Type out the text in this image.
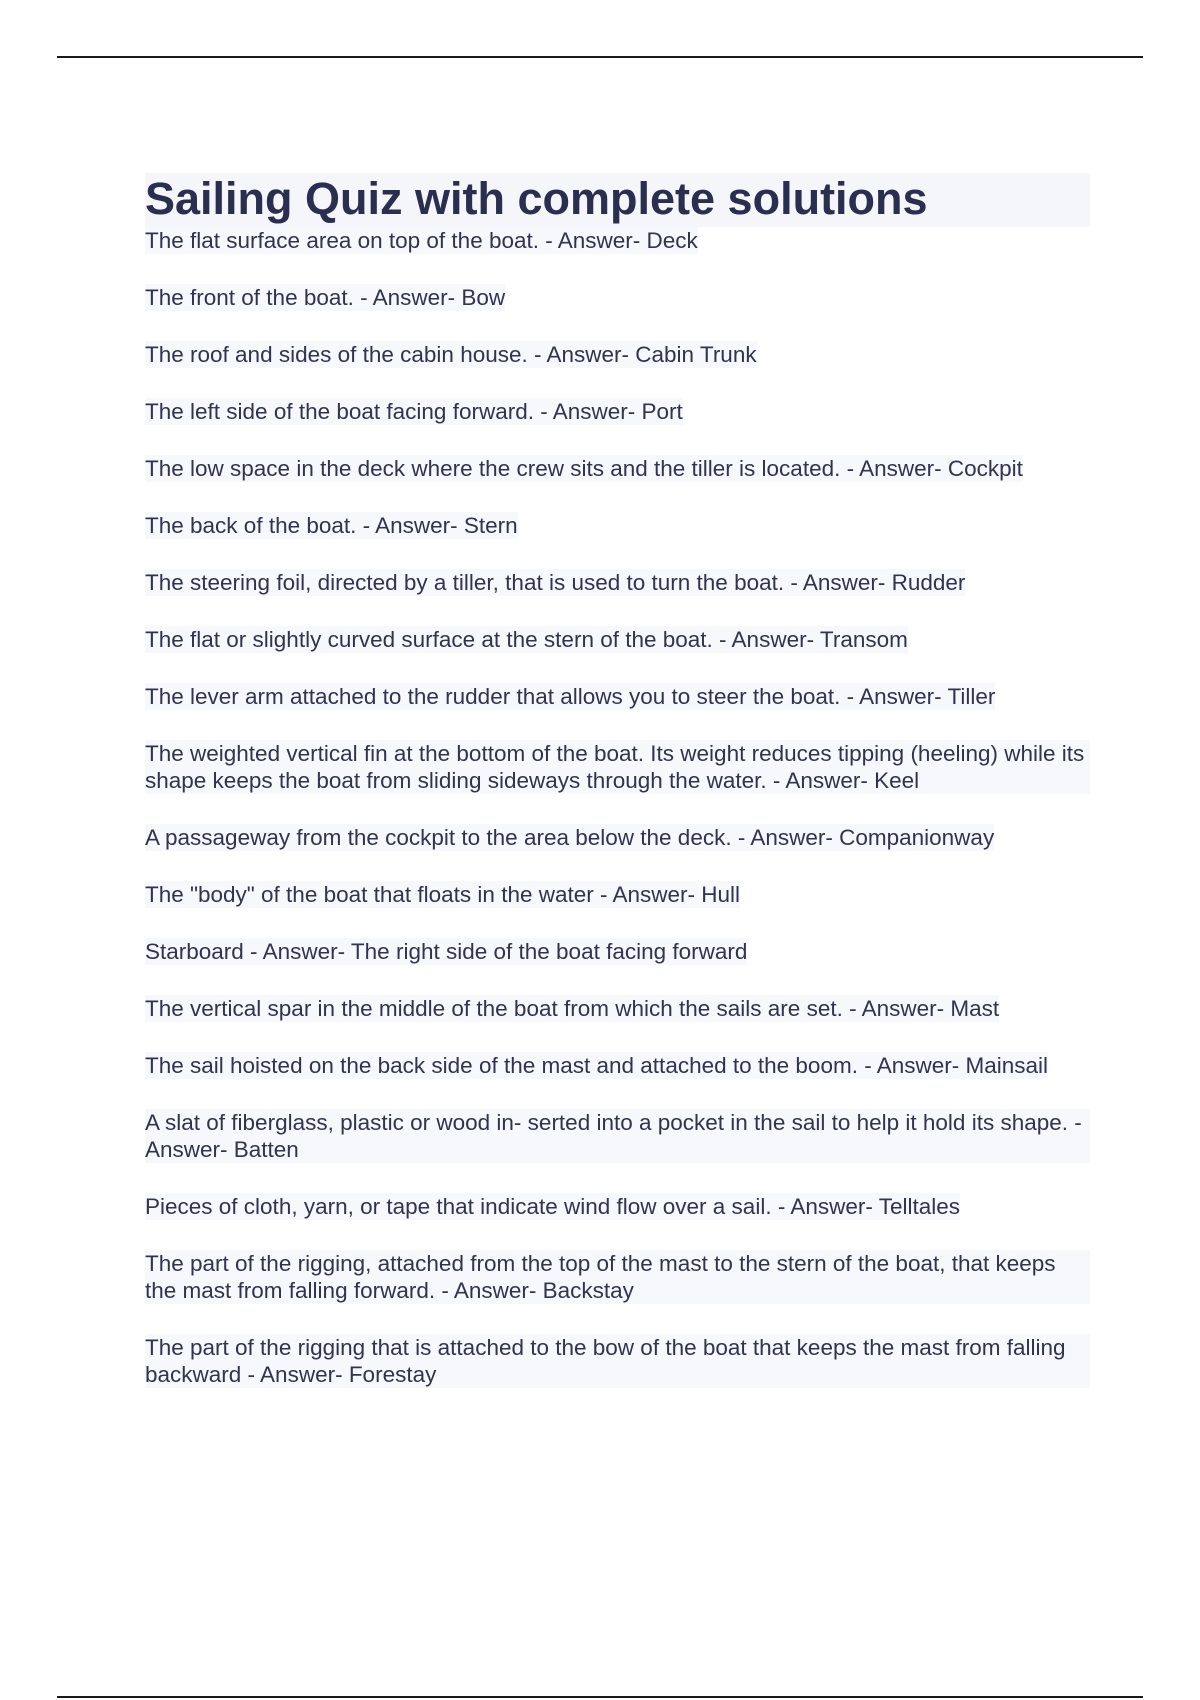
Sailing Quiz with complete solutions
The flat surface area on top of the boat. - Answer- Deck
The front of the boat. - Answer- Bow
The roof and sides of the cabin house. - Answer- Cabin Trunk
The left side of the boat facing forward. - Answer- Port
The low space in the deck where the crew sits and the tiller is located. - Answer- Cockpit
The back of the boat. - Answer- Stern
The steering foil, directed by a tiller, that is used to turn the boat. - Answer- Rudder
The flat or slightly curved surface at the stern of the boat. - Answer- Transom
The lever arm attached to the rudder that allows you to steer the boat. - Answer- Tiller
The weighted vertical fin at the bottom of the boat. Its weight reduces tipping (heeling) while its shape keeps the boat from sliding sideways through the water. - Answer- Keel
A passageway from the cockpit to the area below the deck. - Answer- Companionway
The "body" of the boat that floats in the water - Answer- Hull
Starboard - Answer- The right side of the boat facing forward
The vertical spar in the middle of the boat from which the sails are set. - Answer- Mast
The sail hoisted on the back side of the mast and attached to the boom. - Answer- Mainsail
A slat of fiberglass, plastic or wood in- serted into a pocket in the sail to help it hold its shape. - Answer- Batten
Pieces of cloth, yarn, or tape that indicate wind flow over a sail. - Answer- Telltales
The part of the rigging, attached from the top of the mast to the stern of the boat, that keeps the mast from falling forward. - Answer- Backstay
The part of the rigging that is attached to the bow of the boat that keeps the mast from falling backward - Answer- Forestay
